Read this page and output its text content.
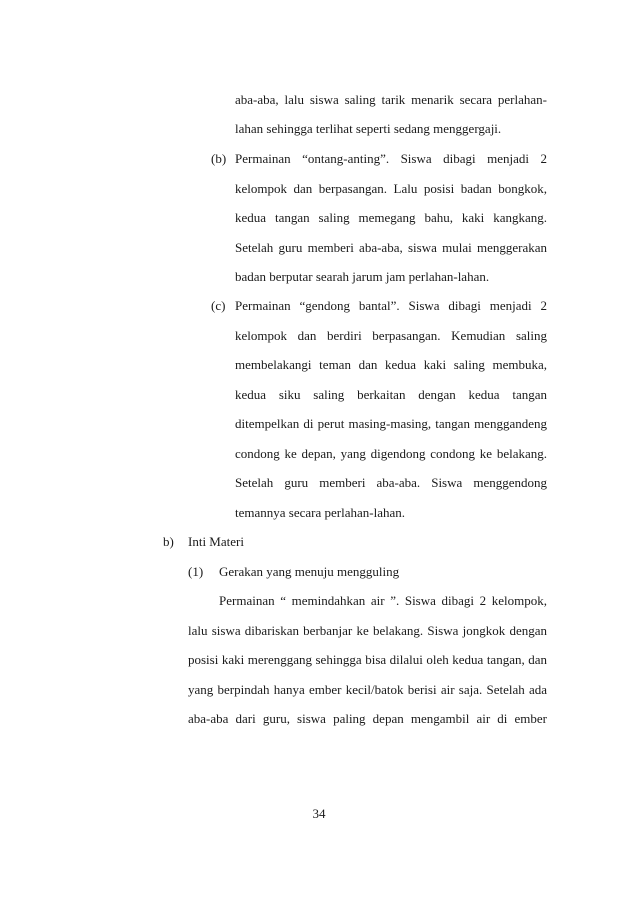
aba-aba, lalu siswa saling tarik menarik secara perlahan-
lahan sehingga terlihat seperti sedang menggergaji.
(b) Permainan “ontang-anting”. Siswa dibagi menjadi 2
kelompok dan berpasangan. Lalu posisi badan bongkok,
kedua tangan saling memegang bahu, kaki kangkang.
Setelah guru memberi aba-aba, siswa mulai menggerakan
badan berputar searah jarum jam perlahan-lahan.
(c) Permainan “gendong bantal”. Siswa dibagi menjadi 2
kelompok dan berdiri berpasangan. Kemudian saling
membelakangi teman dan kedua kaki saling membuka,
kedua siku saling berkaitan dengan kedua tangan
ditempelkan di perut masing-masing, tangan menggandeng
condong ke depan, yang digendong condong ke belakang.
Setelah guru memberi aba-aba. Siswa menggendong
temannya secara perlahan-lahan.
b) Inti Materi
(1) Gerakan yang menuju mengguling
Permainan “ memindahkan air ”. Siswa dibagi 2 kelompok,
lalu siswa dibariskan berbanjar ke belakang. Siswa jongkok dengan
posisi kaki merenggang sehingga bisa dilalui oleh kedua tangan, dan
yang berpindah hanya ember kecil/batok berisi air saja. Setelah ada
aba-aba dari guru, siswa paling depan mengambil air di ember
34
